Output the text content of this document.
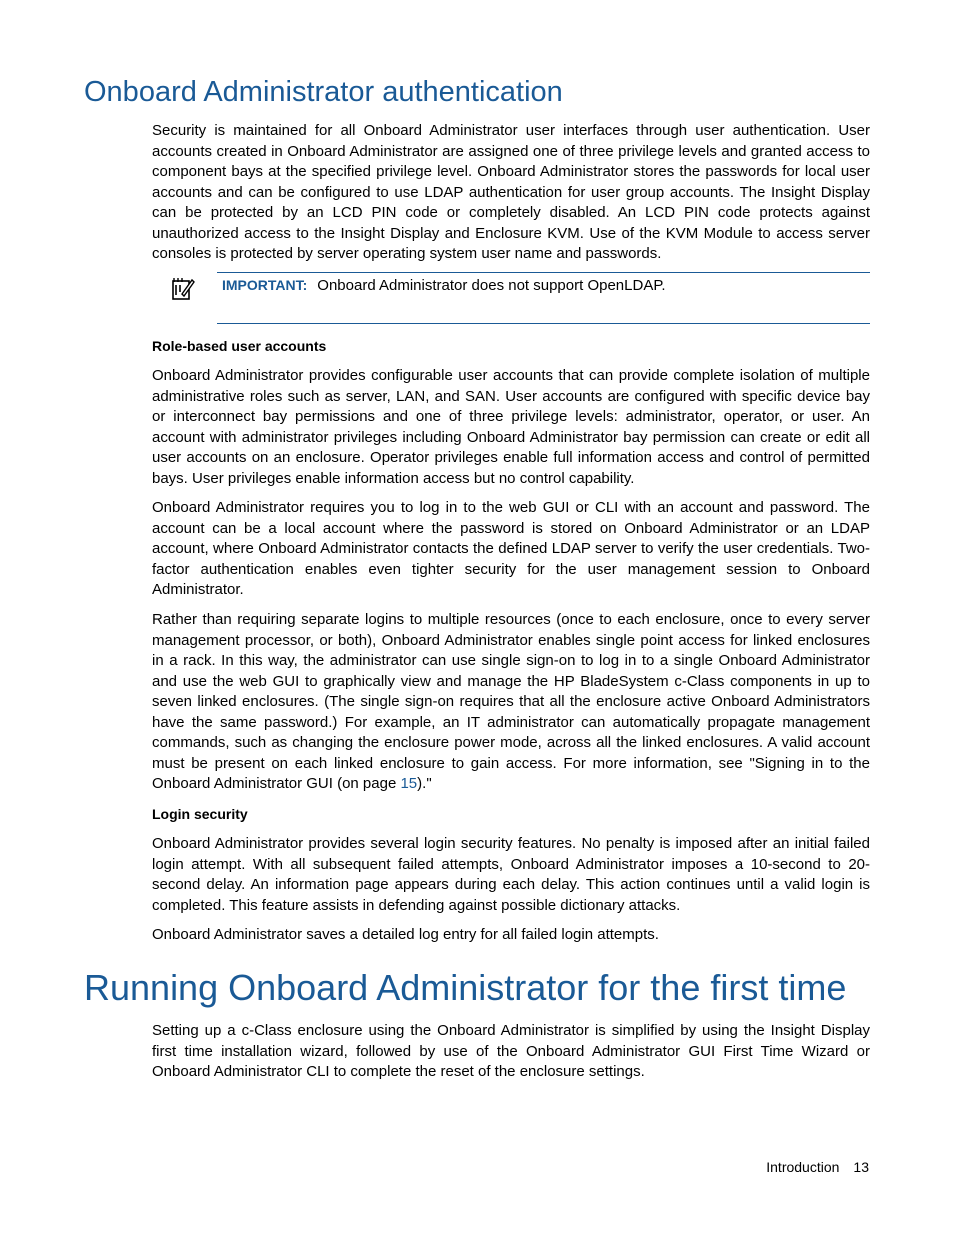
Onboard Administrator authentication

Security is maintained for all Onboard Administrator user interfaces through user authentication. User accounts created in Onboard Administrator are assigned one of three privilege levels and granted access to component bays at the specified privilege level. Onboard Administrator stores the passwords for local user accounts and can be configured to use LDAP authentication for user group accounts. The Insight Display can be protected by an LCD PIN code or completely disabled. An LCD PIN code protects against unauthorized access to the Insight Display and Enclosure KVM. Use of the KVM Module to access server consoles is protected by server operating system user name and passwords.

IMPORTANT: Onboard Administrator does not support OpenLDAP.
Role-based user accounts

Onboard Administrator provides configurable user accounts that can provide complete isolation of multiple administrative roles such as server, LAN, and SAN. User accounts are configured with specific device bay or interconnect bay permissions and one of three privilege levels: administrator, operator, or user. An account with administrator privileges including Onboard Administrator bay permission can create or edit all user accounts on an enclosure. Operator privileges enable full information access and control of permitted bays. User privileges enable information access but no control capability.

Onboard Administrator requires you to log in to the web GUI or CLI with an account and password. The account can be a local account where the password is stored on Onboard Administrator or an LDAP account, where Onboard Administrator contacts the defined LDAP server to verify the user credentials. Two-factor authentication enables even tighter security for the user management session to Onboard Administrator.

Rather than requiring separate logins to multiple resources (once to each enclosure, once to every server management processor, or both), Onboard Administrator enables single point access for linked enclosures in a rack. In this way, the administrator can use single sign-on to log in to a single Onboard Administrator and use the web GUI to graphically view and manage the HP BladeSystem c-Class components in up to seven linked enclosures. (The single sign-on requires that all the enclosure active Onboard Administrators have the same password.) For example, an IT administrator can automatically propagate management commands, such as changing the enclosure power mode, across all the linked enclosures. A valid account must be present on each linked enclosure to gain access. For more information, see "Signing in to the Onboard Administrator GUI (on page 15)."

Login security

Onboard Administrator provides several login security features. No penalty is imposed after an initial failed login attempt. With all subsequent failed attempts, Onboard Administrator imposes a 10-second to 20-second delay. An information page appears during each delay. This action continues until a valid login is completed. This feature assists in defending against possible dictionary attacks.

Onboard Administrator saves a detailed log entry for all failed login attempts.

Running Onboard Administrator for the first time

Setting up a c-Class enclosure using the Onboard Administrator is simplified by using the Insight Display first time installation wizard, followed by use of the Onboard Administrator GUI First Time Wizard or Onboard Administrator CLI to complete the reset of the enclosure settings.

Introduction 13
